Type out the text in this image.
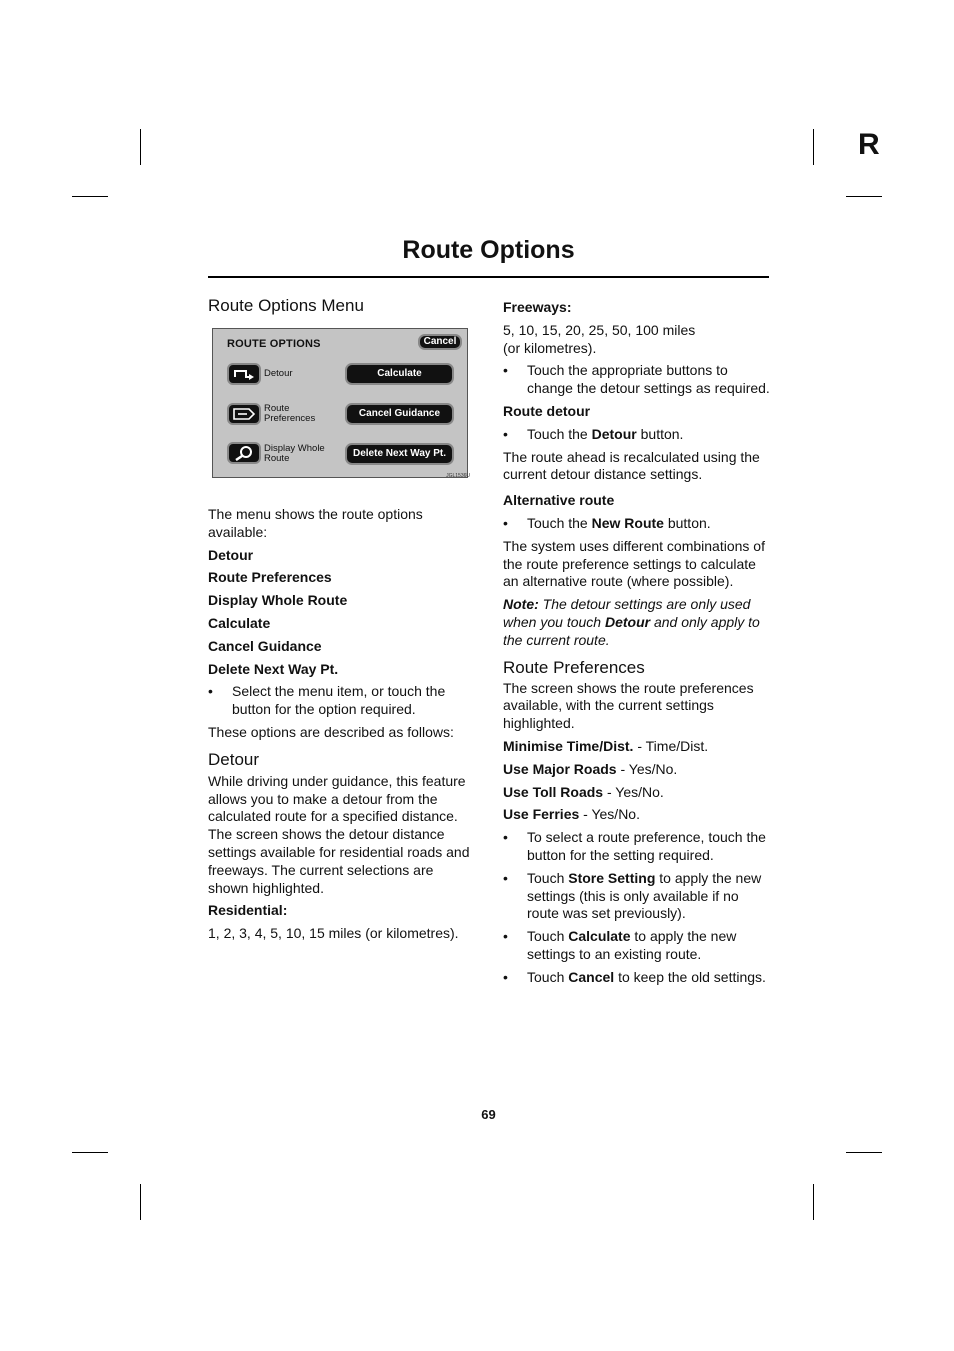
R
Route Options
Route Options Menu
ROUTE OPTIONS	Cancel
Detour
Route
Preferences
Display Whole
Route
Calculate
Cancel Guidance
Delete Next Way Pt.
JGL1536U

The menu shows the route options available:

Detour
Route Preferences
Display Whole Route
Calculate
Cancel Guidance
Delete Next Way Pt.
• Select the menu item, or touch the button for the option required.

These options are described as follows:

Detour

While driving under guidance, this feature allows you to make a detour from the calculated route for a specified distance. The screen shows the detour distance settings available for residential roads and freeways. The current selections are shown highlighted.

Residential:

1, 2, 3, 4, 5, 10, 15 miles (or kilometres).

Freeways:

5, 10, 15, 20, 25, 50, 100 miles
(or kilometres).

• Touch the appropriate buttons to change the detour settings as required.
Route detour
• Touch the Detour button.

The route ahead is recalculated using the current detour distance settings.

Alternative route
• Touch the New Route button.

The system uses different combinations of the route preference settings to calculate an alternative route (where possible).

Note: The detour settings are only used when you touch Detour and only apply to the current route.

Route Preferences

The screen shows the route preferences available, with the current settings highlighted.

Minimise Time/Dist. - Time/Dist.

Use Major Roads - Yes/No.

Use Toll Roads - Yes/No.

Use Ferries - Yes/No.

• To select a route preference, touch the button for the setting required.
• Touch Store Setting to apply the new settings (this is only available if no route was set previously).
• Touch Calculate to apply the new settings to an existing route.
• Touch Cancel to keep the old settings.
69
